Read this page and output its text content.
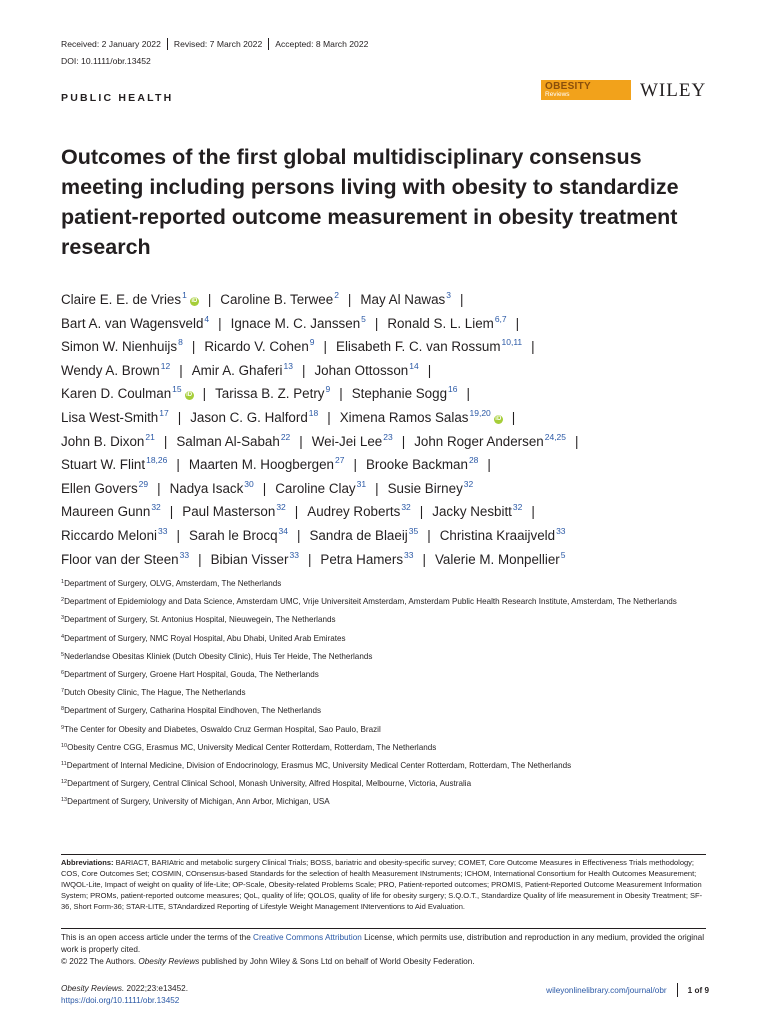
Received: 2 January 2022 Revised: 7 March 2022 Accepted: 8 March 2022
DOI: 10.1111/obr.13452
PUBLIC HEALTH
OBESITY
Reviews	WILEY
Outcomes of the first global multidisciplinary consensus meeting including persons living with obesity to standardize patient-reported outcome measurement in obesity treatment research
Claire E. E. de Vries$^1$iD | Caroline B. Terwee$^2$ | May Al Nawas$^3$ |
Bart A. van Wagensveld$^4$ | Ignace M. C. Janssen$^5$ | Ronald S. L. Liem$^{6,7}$ |
Simon W. Nienhuijs$^8$ | Ricardo V. Cohen$^9$ | Elisabeth F. C. van Rossum$^{10,11}$ |
Wendy A. Brown$^{12}$ | Amir A. Ghaferi$^{13}$ | Johan Ottosson$^{14}$ |
Karen D. Coulman$^{15}$iD | Tarissa B. Z. Petry$^9$ | Stephanie Sogg$^{16}$ |
Lisa West-Smith$^{17}$ | Jason C. G. Halford$^{18}$ | Ximena Ramos Salas$^{19,20}$iD |
John B. Dixon$^{21}$ | Salman Al-Sabah$^{22}$ | Wei-Jei Lee$^{23}$ | John Roger Andersen$^{24,25}$ |
Stuart W. Flint$^{18,26}$ | Maarten M. Hoogbergen$^{27}$ | Brooke Backman$^{28}$ |
Ellen Govers$^{29}$ | Nadya Isack$^{30}$ | Caroline Clay$^{31}$ | Susie Birney$^{32}$
Maureen Gunn$^{32}$ | Paul Masterson$^{32}$ | Audrey Roberts$^{32}$ | Jacky Nesbitt$^{32}$ |
Riccardo Meloni$^{33}$ | Sarah le Brocq$^{34}$ | Sandra de Blaeij$^{35}$ | Christina Kraaijveld$^{33}$
Floor van der Steen$^{33}$ | Bibian Visser$^{33}$ | Petra Hamers$^{33}$ | Valerie M. Monpellier$^5$
$^1$Department of Surgery, OLVG, Amsterdam, The Netherlands
$^2$Department of Epidemiology and Data Science, Amsterdam UMC, Vrije Universiteit Amsterdam, Amsterdam Public Health Research Institute, Amsterdam, The Netherlands
$^3$Department of Surgery, St. Antonius Hospital, Nieuwegein, The Netherlands
$^4$Department of Surgery, NMC Royal Hospital, Abu Dhabi, United Arab Emirates
$^5$Nederlandse Obesitas Kliniek (Dutch Obesity Clinic), Huis Ter Heide, The Netherlands
$^6$Department of Surgery, Groene Hart Hospital, Gouda, The Netherlands
$^7$Dutch Obesity Clinic, The Hague, The Netherlands
$^8$Department of Surgery, Catharina Hospital Eindhoven, The Netherlands
$^9$The Center for Obesity and Diabetes, Oswaldo Cruz German Hospital, Sao Paulo, Brazil
$^{10}$Obesity Centre CGG, Erasmus MC, University Medical Center Rotterdam, Rotterdam, The Netherlands
$^{11}$Department of Internal Medicine, Division of Endocrinology, Erasmus MC, University Medical Center Rotterdam, Rotterdam, The Netherlands
$^{12}$Department of Surgery, Central Clinical School, Monash University, Alfred Hospital, Melbourne, Victoria, Australia
$^{13}$Department of Surgery, University of Michigan, Ann Arbor, Michigan, USA
Abbreviations: BARIACT, BARIAtric and metabolic surgery Clinical Trials; BOSS, bariatric and obesity-specific survey; COMET, Core Outcome Measures in Effectiveness Trials methodology; COS, Core Outcomes Set; COSMIN, COnsensus-based Standards for the selection of health Measurement INstruments; ICHOM, International Consortium for Health Outcomes Measurement; IWQOL-Lite, Impact of weight on quality of life-Lite; OP-Scale, Obesity-related Problems Scale; PRO, Patient-reported outcomes; PROMIS, Patient-Reported Outcome Measurement Information System; PROMs, patient-reported outcome measures; QoL, quality of life; QOLOS, quality of life for obesity surgery; S.Q.O.T., Standardize Quality of life measurement in Obesity Treatment; SF-36, Short Form-36; STAR-LITE, STAndardized Reporting of Lifestyle Weight Management INterventions to Aid Evaluation.
This is an open access article under the terms of the Creative Commons Attribution License, which permits use, distribution and reproduction in any medium, provided the original work is properly cited.
© 2022 The Authors. Obesity Reviews published by John Wiley & Sons Ltd on behalf of World Obesity Federation.
Obesity Reviews. 2022;23:e13452.
https://doi.org/10.1111/obr.13452
wileyonlinelibrary.com/journal/obr	1 of 9
